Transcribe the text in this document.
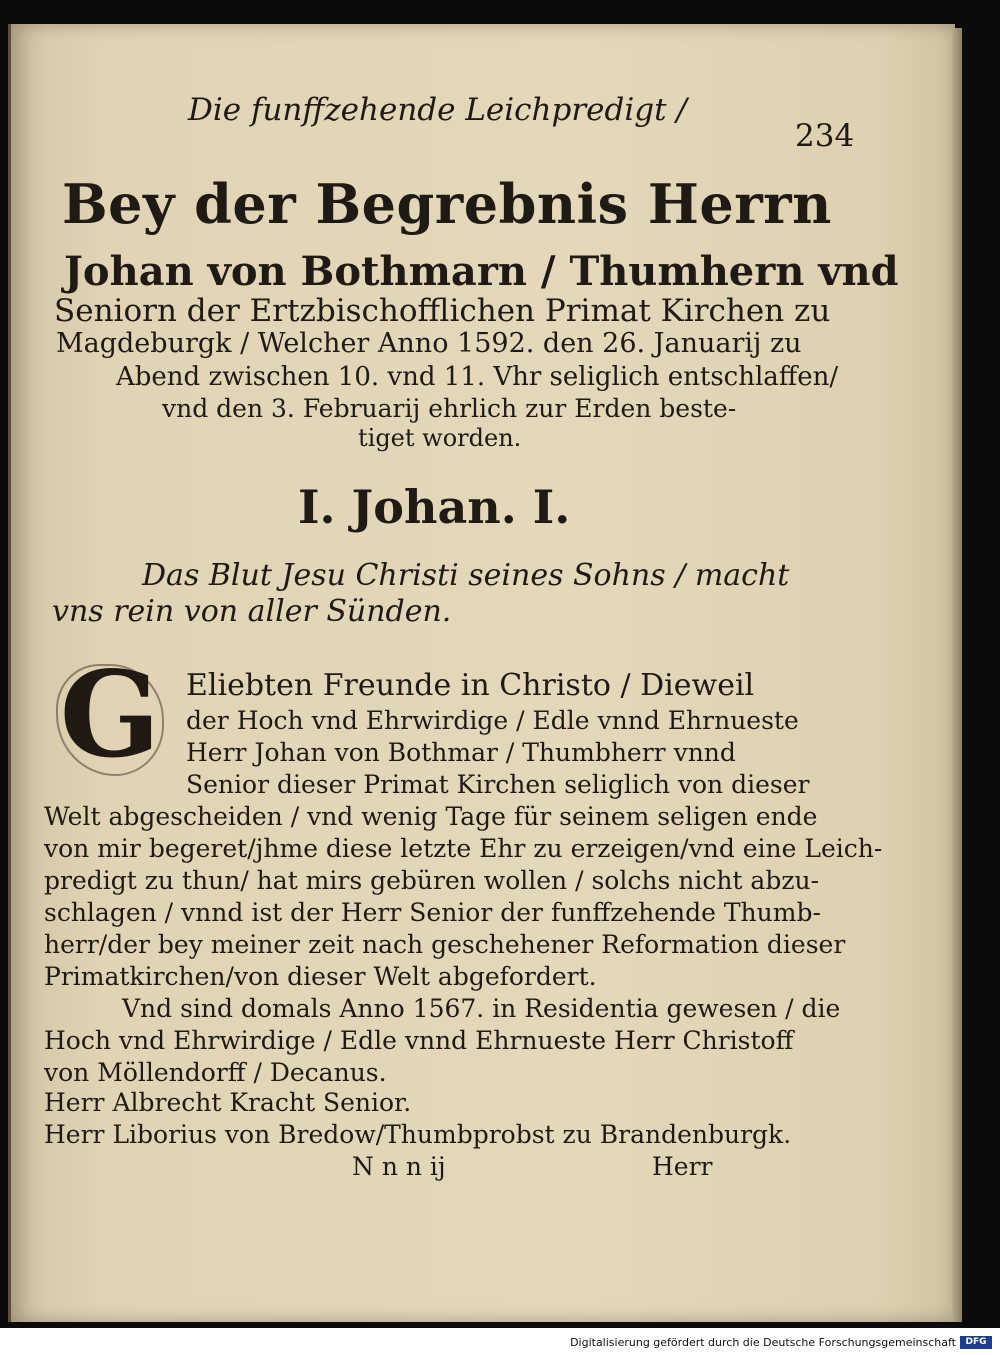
Die funffzehende Leichpredigt /
234
Bey der Begrebnis Herrn
Johan von Bothmarn / Thumhern vnd
Seniorn der Ertzbischofflichen Primat Kirchen zu
Magdeburgk / Welcher Anno 1592. den 26. Januarij zu
Abend zwischen 10. vnd 11. Vhr seliglich entschlaffen/
vnd den 3. Februarij ehrlich zur Erden beste-
tiget worden.
I. Johan. I.
Das Blut Jesu Christi seines Sohns / macht
vns rein von aller Sünden.
G Eliebten Freunde in Christo / Dieweil
der Hoch vnd Ehrwirdige / Edle vnnd Ehrnueste
Herr Johan von Bothmar / Thumbherr vnnd
Senior dieser Primat Kirchen seliglich von dieser
Welt abgescheiden / vnd wenig Tage für seinem seligen ende
von mir begeret/jhme diese letzte Ehr zu erzeigen/vnd eine Leich-
predigt zu thun/ hat mirs gebüren wollen / solchs nicht abzu-
schlagen / vnnd ist der Herr Senior der funffzehende Thumb-
herr/der bey meiner zeit nach geschehener Reformation dieser
Primatkirchen/von dieser Welt abgefordert.
Vnd sind domals Anno 1567. in Residentia gewesen / die
Hoch vnd Ehrwirdige / Edle vnnd Ehrnueste Herr Christoff
von Möllendorff / Decanus.
Herr Albrecht Kracht Senior.
Herr Liborius von Bredow/Thumbprobst zu Brandenburgk.
N n n ij	Herr
Digitalisierung gefördert durch die Deutsche Forschungsgemeinschaft	DFG
